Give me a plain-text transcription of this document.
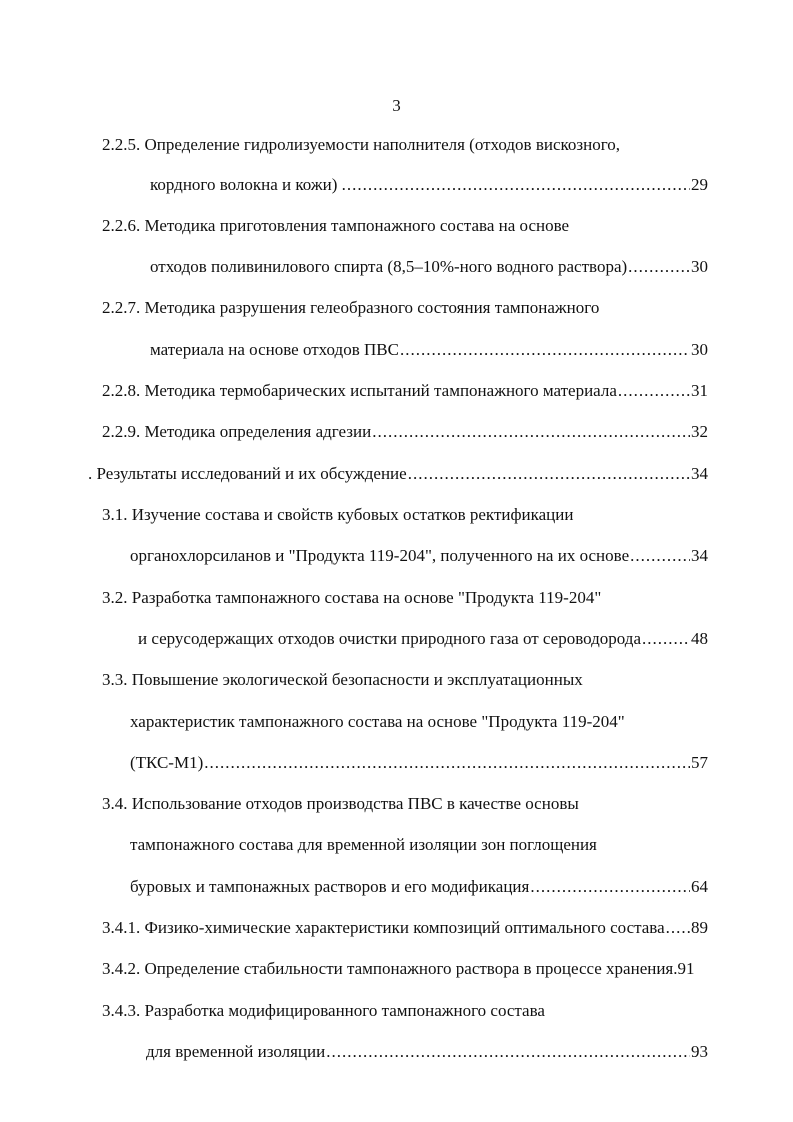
3
2.2.5. Определение гидролизуемости наполнителя (отходов вискозного,
кордного волокна и кожи) . .....	29
2.2.6. Методика приготовления тампонажного состава на основе
отходов поливинилового спирта (8,5–10%-ного водного раствора) .....	30
2.2.7. Методика разрушения гелеобразного состояния тампонажного
материала на основе отходов ПВС .....	30
2.2.8. Методика термобарических испытаний тампонажного материала .....	31
2.2.9. Методика определения адгезии .....	32
. Результаты исследований и их обсуждение .....	34
3.1. Изучение состава и свойств кубовых остатков ректификации
органохлорсиланов и "Продукта 119-204", полученного на их основе .....	34
3.2. Разработка тампонажного состава на основе "Продукта 119-204"
и серусодержащих отходов очистки природного газа от сероводорода .....	48
3.3. Повышение экологической безопасности и эксплуатационных
характеристик тампонажного состава на основе "Продукта 119-204"
(ТКС-М1) .....	57
3.4. Использование отходов производства ПВС в качестве основы
тампонажного состава для временной изоляции зон поглощения
буровых и тампонажных растворов и его модификация .....	64
3.4.1. Физико-химические характеристики композиций оптимального состава ..... 89
3.4.2. Определение стабильности тампонажного раствора в процессе хранения. 91
3.4.3. Разработка модифицированного тампонажного состава
для временной изоляции .....	93
